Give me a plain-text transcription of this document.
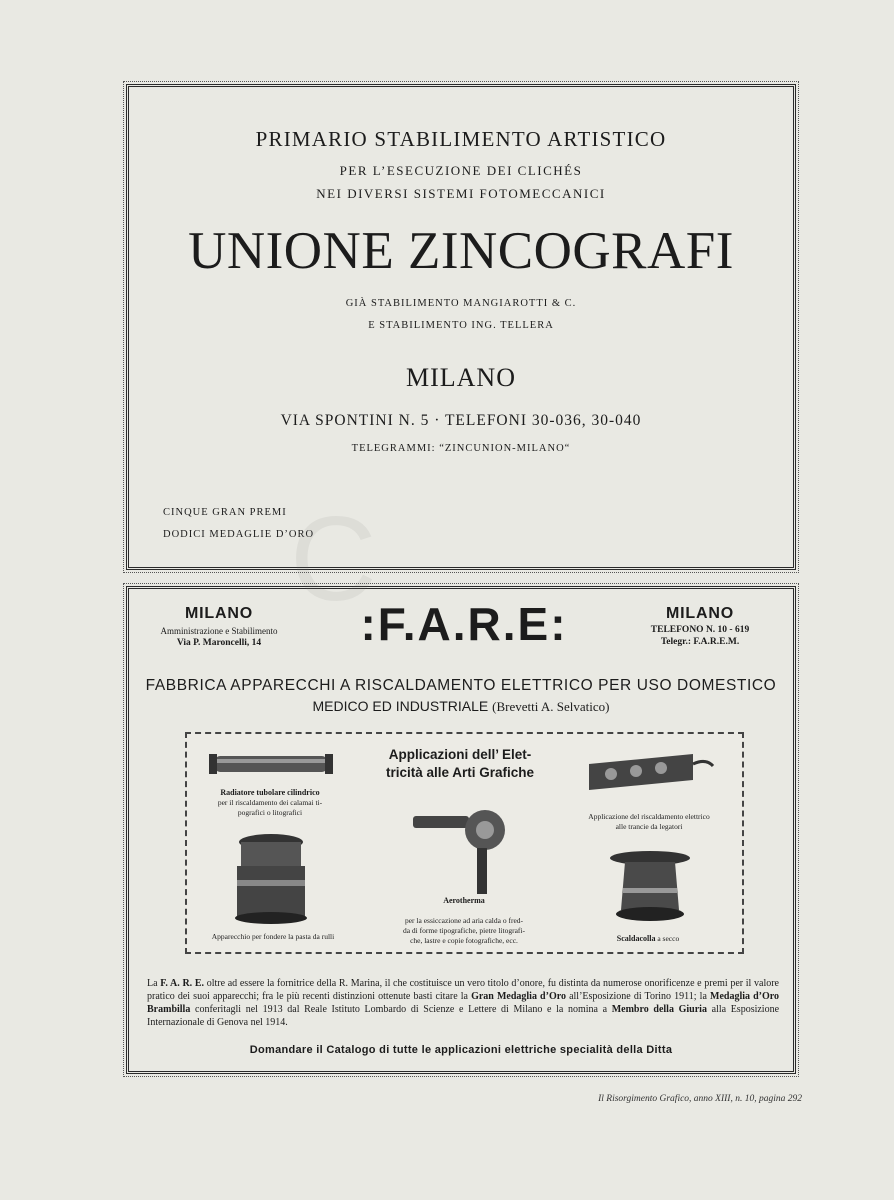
PRIMARIO STABILIMENTO ARTISTICO
PER L’ESECUZIONE DEI CLICHÉS
NEI DIVERSI SISTEMI FOTOMECCANICI
UNIONE ZINCOGRAFI
GIÀ STABILIMENTO MANGIAROTTI & C.
E STABILIMENTO ING. TELLERA
MILANO
VIA SPONTINI N. 5 · TELEFONI 30-036, 30-040
TELEGRAMMI: “ZINCUNION-MILANO“
CINQUE GRAN PREMI
DODICI MEDAGLIE D’ORO
MILANO
Amministrazione e Stabilimento
Via P. Maroncelli, 14	:F.A.R.E:	MILANO
TELEFONO N. 10 - 619
Telegr.: F.A.R.E.M.
FABBRICA APPARECCHI A RISCALDAMENTO ELETTRICO PER USO DOMESTICO
MEDICO ED INDUSTRIALE (Brevetti A. Selvatico)
Applicazioni dell’ Elet-
tricità alle Arti Grafiche
Radiatore tubolare cilindrico
per il riscaldamento dei calamai ti-
pografici o litografici	Applicazione del riscaldamento elettrico
alle trancie da legatori
Apparecchio per fondere la pasta da rulli
Aerotherma

per la essiccazione ad aria calda o fred-
da di forme tipografiche, pietre litografi-
che, lastre e copie fotografiche, ecc.	Scaldacolla a secco
La F. A. R. E. oltre ad essere la fornitrice della R. Marina, il che costituisce un vero titolo d’onore, fu distinta da numerose onorificenze e premi per il valore pratico dei suoi apparecchi; fra le più recenti distinzioni ottenute basti citare la Gran Medaglia d’Oro all’Esposizione di Torino 1911; la Medaglia d’Oro Brambilla conferitagli nel 1913 dal Reale Istituto Lombardo di Scienze e Lettere di Milano e la nomina a Membro della Giuria alla Esposizione Internazionale di Genova nel 1914.
Domandare il Catalogo di tutte le applicazioni elettriche specialità della Ditta
Il Risorgimento Grafico, anno XIII, n. 10, pagina 292
C
